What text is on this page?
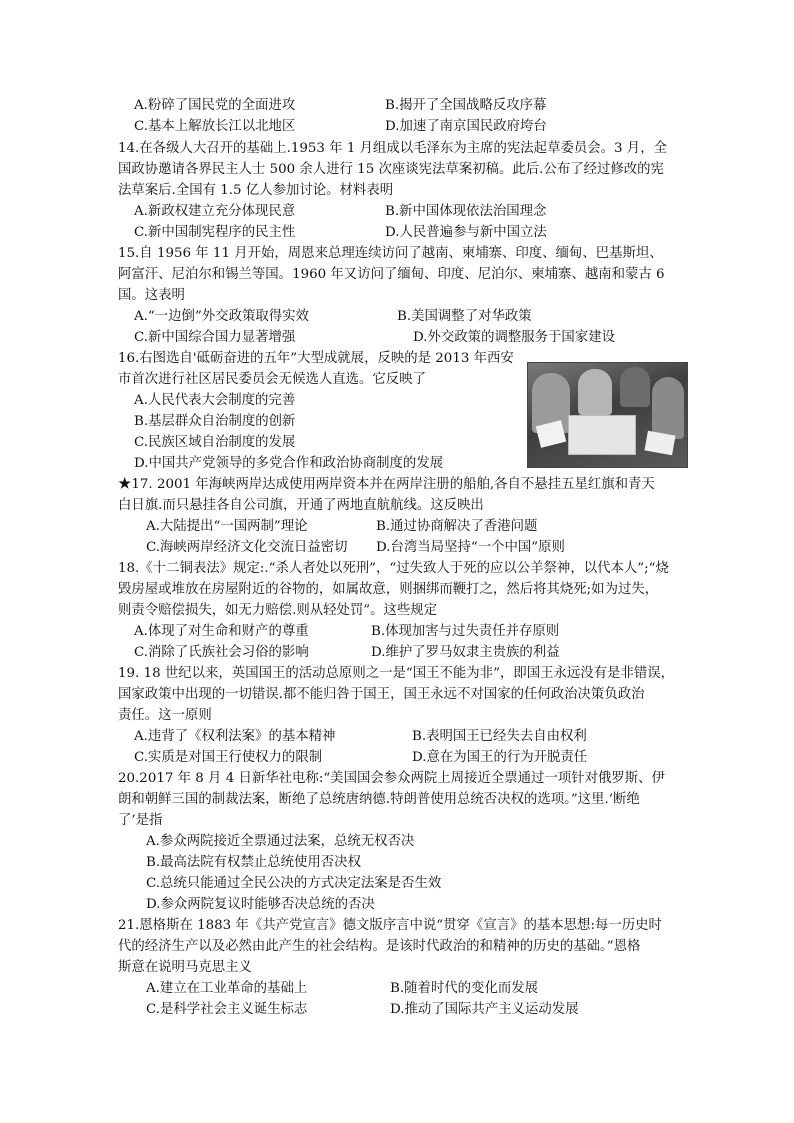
A.粉碎了国民党的全面进攻	B.揭开了全国战略反攻序幕
C.基本上解放长江以北地区	D.加速了南京国民政府垮台
14.在各级人大召开的基础上.1953 年 1 月组成以毛泽东为主席的宪法起草委员会。3 月，全
国政协邀请各界民主人士 500 余人进行 15 次座谈宪法草案初稿。此后.公布了经过修改的宪
法草案后.全国有 1.5 亿人参加讨论。材料表明
A.新政权建立充分体现民意	B.新中国体现依法治国理念
C.新中国制宪程序的民主性	D.人民普遍参与新中国立法
15.自 1956 年 11 月开始，周恩来总理连续访问了越南、柬埔寨、印度、缅甸、巴基斯坦、
阿富汗、尼泊尔和锡兰等国。1960 年又访问了缅甸、印度、尼泊尔、柬埔寨、越南和蒙古 6
国。这表明
A.“一边倒”外交政策取得实效	B.美国调整了对华政策
C.新中国综合国力显著增强	D.外交政策的调整服务于国家建设
16.右图选自'砥砺奋进的五年”大型成就展，反映的是 2013 年西安
市首次进行社区居民委员会无候选人直选。它反映了
A.人民代表大会制度的完善
B.基层群众自治制度的创新
C.民族区域自治制度的发展
D.中国共产党领导的多党合作和政治协商制度的发展
★17. 2001 年海峡两岸达成使用两岸资本并在两岸注册的船舶,各自不悬挂五星红旗和青天
白日旗.而只悬挂各自公司旗，开通了两地直航航线。这反映出
A.大陆提出“一国两制”理论	B.通过协商解决了香港问题
C.海峡两岸经济文化交流日益密切 D.台湾当局坚持“一个中国”原则
18.《十二铜表法》规定:.“杀人者处以死刑”，“过失致人于死的应以公羊祭神，以代本人”;“烧
毁房屋或堆放在房屋附近的谷物的，如属故意，则捆绑而鞭打之，然后将其烧死;如为过失，
则责令赔偿损失，如无力赔偿.则从轻处罚”。这些规定
A.体现了对生命和财产的尊重	B.体现加害与过失责任并存原则
C.消除了氏族社会习俗的影响	D.维护了罗马奴隶主贵族的利益
19. 18 世纪以来，英国国王的活动总原则之一是“国王不能为非”，即国王永远没有是非错误，
国家政策中出现的一切错误.都不能归咎于国王，国王永远不对国家的任何政治决策负政治
责任。这一原则
A.违背了《权利法案》的基本精神	B.表明国王已经失去自由权利
C.实质是对国王行使权力的限制	D.意在为国王的行为开脱责任
20.2017 年 8 月 4 日新华社电称:“美国国会参众两院上周接近全票通过一项针对俄罗斯、伊
朗和朝鲜三国的制裁法案，断绝了总统唐纳德.特朗普使用总统否决权的选项。”这里.‘断绝
了’是指
A.参众两院接近全票通过法案，总统无权否决
B.最高法院有权禁止总统使用否决权
C.总统只能通过全民公决的方式决定法案是否生效
D.参众两院复议时能够否决总统的否决
21.恩格斯在 1883 年《共产党宣言》德文版序言中说“贯穿《宣言》的基本思想:每一历史时
代的经济生产以及必然由此产生的社会结构。是该时代政治的和精神的历史的基础。”恩格
斯意在说明马克思主义
A.建立在工业革命的基础上	B.随着时代的变化而发展
C.是科学社会主义诞生标志	D.推动了国际共产主义运动发展
